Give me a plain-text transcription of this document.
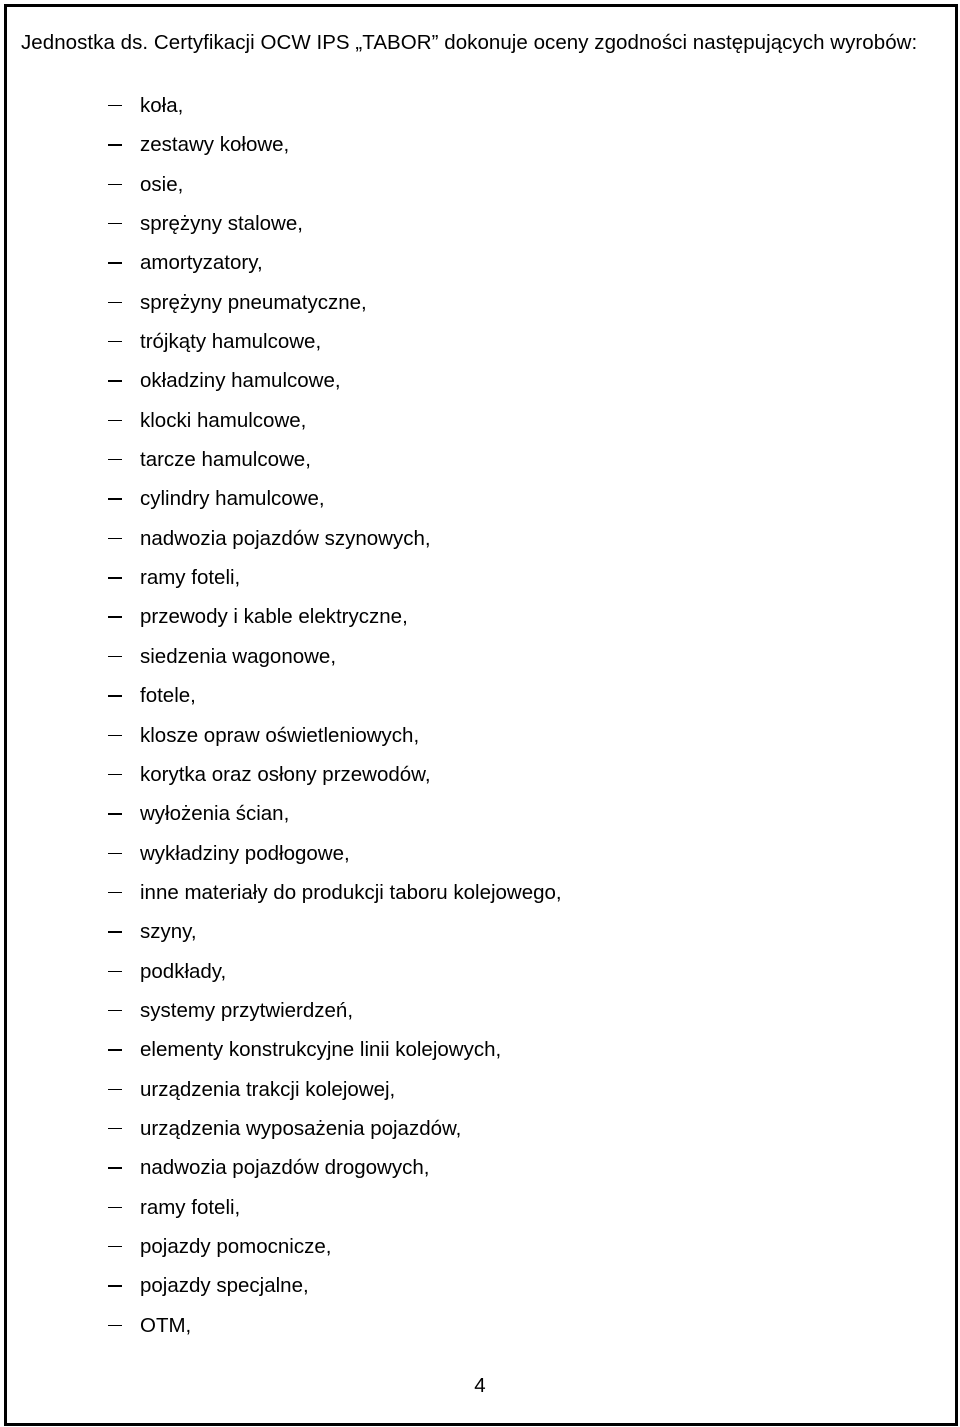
Jednostka ds. Certyfikacji OCW IPS „TABOR” dokonuje oceny zgodności następujących wyrobów:

koła,
zestawy kołowe,
osie,
sprężyny stalowe,
amortyzatory,
sprężyny pneumatyczne,
trójkąty hamulcowe,
okładziny hamulcowe,
klocki hamulcowe,
tarcze hamulcowe,
cylindry hamulcowe,
nadwozia pojazdów szynowych,
ramy foteli,
przewody i kable elektryczne,
siedzenia wagonowe,
fotele,
klosze opraw oświetleniowych,
korytka oraz osłony przewodów,
wyłożenia ścian,
wykładziny podłogowe,
inne materiały do produkcji taboru kolejowego,
szyny,
podkłady,
systemy przytwierdzeń,
elementy konstrukcyjne linii kolejowych,
urządzenia trakcji kolejowej,
urządzenia wyposażenia pojazdów,
nadwozia pojazdów drogowych,
ramy foteli,
pojazdy pomocnicze,
pojazdy specjalne,
OTM,
4
